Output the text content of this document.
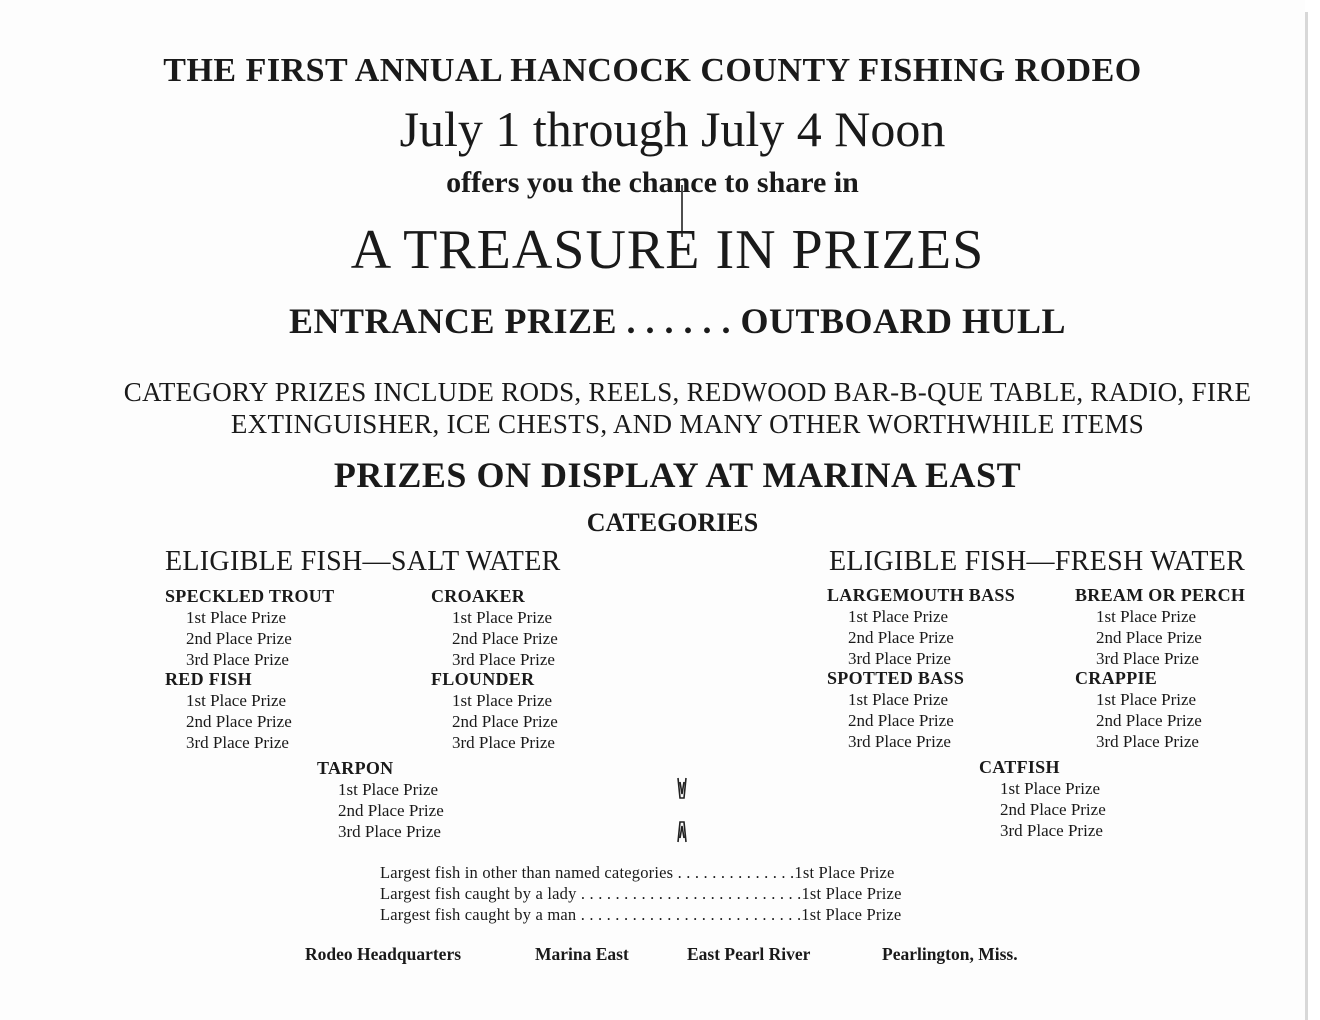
THE FIRST ANNUAL HANCOCK COUNTY FISHING RODEO
July 1 through July 4 Noon
offers you the chance to share in
A TREASURE IN PRIZES
ENTRANCE PRIZE . . . . . . OUTBOARD HULL
CATEGORY PRIZES INCLUDE RODS, REELS, REDWOOD BAR-B-QUE TABLE, RADIO, FIRE
EXTINGUISHER, ICE CHESTS, AND MANY OTHER WORTHWHILE ITEMS
PRIZES ON DISPLAY AT MARINA EAST
CATEGORIES
ELIGIBLE FISH—SALT WATER	ELIGIBLE FISH—FRESH WATER
SPECKLED TROUT
1st Place Prize
2nd Place Prize
3rd Place Prize
CROAKER
1st Place Prize
2nd Place Prize
3rd Place Prize
RED FISH
1st Place Prize
2nd Place Prize
3rd Place Prize
FLOUNDER
1st Place Prize
2nd Place Prize
3rd Place Prize
TARPON
1st Place Prize
2nd Place Prize
3rd Place Prize
LARGEMOUTH BASS
1st Place Prize
2nd Place Prize
3rd Place Prize
BREAM OR PERCH
1st Place Prize
2nd Place Prize
3rd Place Prize
SPOTTED BASS
1st Place Prize
2nd Place Prize
3rd Place Prize
CRAPPIE
1st Place Prize
2nd Place Prize
3rd Place Prize
CATFISH
1st Place Prize
2nd Place Prize
3rd Place Prize
Largest fish in other than named categories . . . . . . . . . . . . . .1st Place Prize
Largest fish caught by a lady . . . . . . . . . . . . . . . . . . . . . . . . . .1st Place Prize
Largest fish caught by a man . . . . . . . . . . . . . . . . . . . . . . . . . .1st Place Prize
Rodeo Headquarters	Marina East	East Pearl River	Pearlington, Miss.
